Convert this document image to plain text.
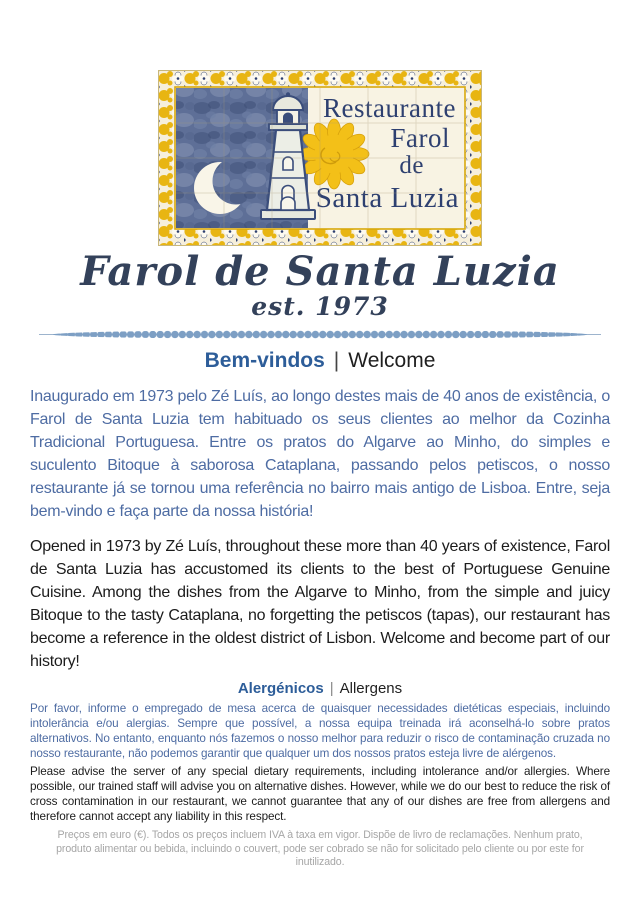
Restaurante
Farol
de
Santa Luzia
Farol de Santa Luzia
est. 1973
Bem-vindos | Welcome

Inaugurado em 1973 pelo Zé Luís, ao longo destes mais de 40 anos de existência, o Farol de Santa Luzia tem habituado os seus clientes ao melhor da Cozinha Tradicional Portuguesa. Entre os pratos do Algarve ao Minho, do simples e suculento Bitoque à saborosa Cataplana, passando pelos petiscos, o nosso restaurante já se tornou uma referência no bairro mais antigo de Lisboa. Entre, seja bem-vindo e faça parte da nossa história!

Opened in 1973 by Zé Luís, throughout these more than 40 years of existence, Farol de Santa Luzia has accustomed its clients to the best of Portuguese Genuine Cuisine. Among the dishes from the Algarve to Minho, from the simple and juicy Bitoque to the tasty Cataplana, no forgetting the petiscos (tapas), our restaurant has become a reference in the oldest district of Lisbon. Welcome and become part of our history!

Alergénicos | Allergens

Por favor, informe o empregado de mesa acerca de quaisquer necessidades dietéticas especiais, incluindo intolerância e/ou alergias. Sempre que possível, a nossa equipa treinada irá aconselhá-lo sobre pratos alternativos. No entanto, enquanto nós fazemos o nosso melhor para reduzir o risco de contaminação cruzada no nosso restaurante, não podemos garantir que qualquer um dos nossos pratos esteja livre de alérgenos.

Please advise the server of any special dietary requirements, including intolerance and/or allergies. Where possible, our trained staff will advise you on alternative dishes. However, while we do our best to reduce the risk of cross contamination in our restaurant, we cannot guarantee that any of our dishes are free from allergens and therefore cannot accept any liability in this respect.

Preços em euro (€). Todos os preços incluem IVA à taxa em vigor. Dispõe de livro de reclamações. Nenhum prato, produto alimentar ou bebida, incluindo o couvert, pode ser cobrado se não for solicitado pelo cliente ou por este for inutilizado.
